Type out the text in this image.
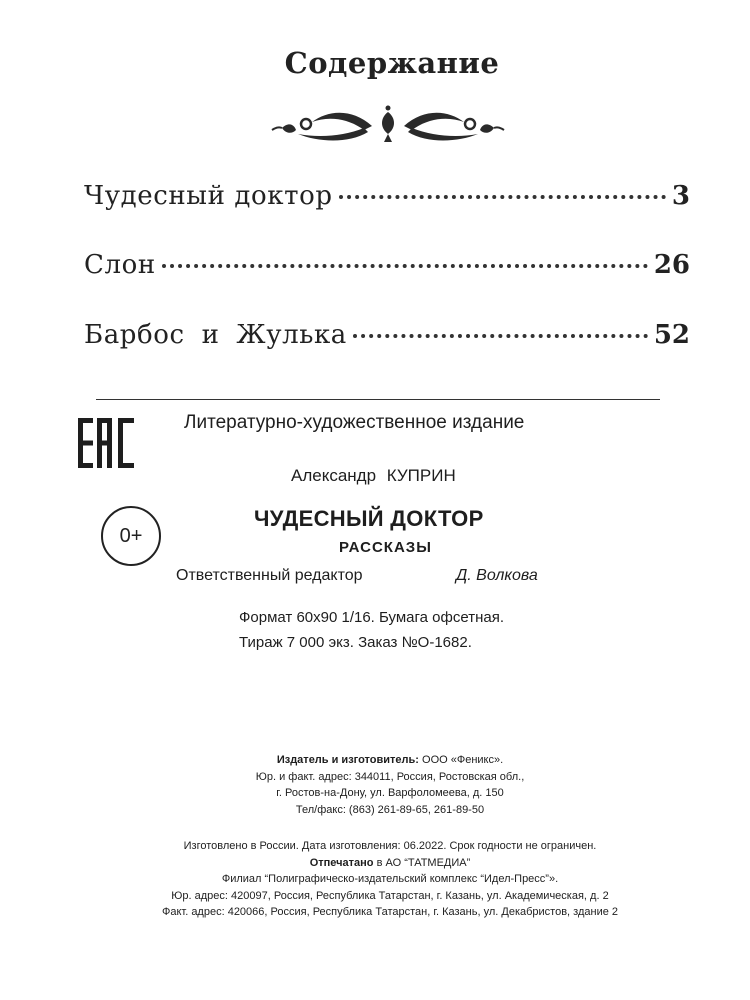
Содержание
Чудесный доктор	3
Слон	26
Барбос и Жулька	52
Литературно-художественное издание
Александр КУПРИН
0+
ЧУДЕСНЫЙ ДОКТОР
РАССКАЗЫ
Ответственный редактор	Д. Волкова
Формат 60х90 1/16. Бумага офсетная.
Тираж 7 000 экз. Заказ №О-1682.
Издатель и изготовитель: ООО «Феникс».
Юр. и факт. адрес: 344011, Россия, Ростовская обл.,
г. Ростов-на-Дону, ул. Варфоломеева, д. 150
Тел/факс: (863) 261-89-65, 261-89-50
Изготовлено в России. Дата изготовления: 06.2022. Срок годности не ограничен.
Отпечатано в АО “ТАТМЕДИА”
Филиал “Полиграфическо-издательский комплекс “Идел-Пресс”».
Юр. адрес: 420097, Россия, Республика Татарстан, г. Казань, ул. Академическая, д. 2
Факт. адрес: 420066, Россия, Республика Татарстан, г. Казань, ул. Декабристов, здание 2
